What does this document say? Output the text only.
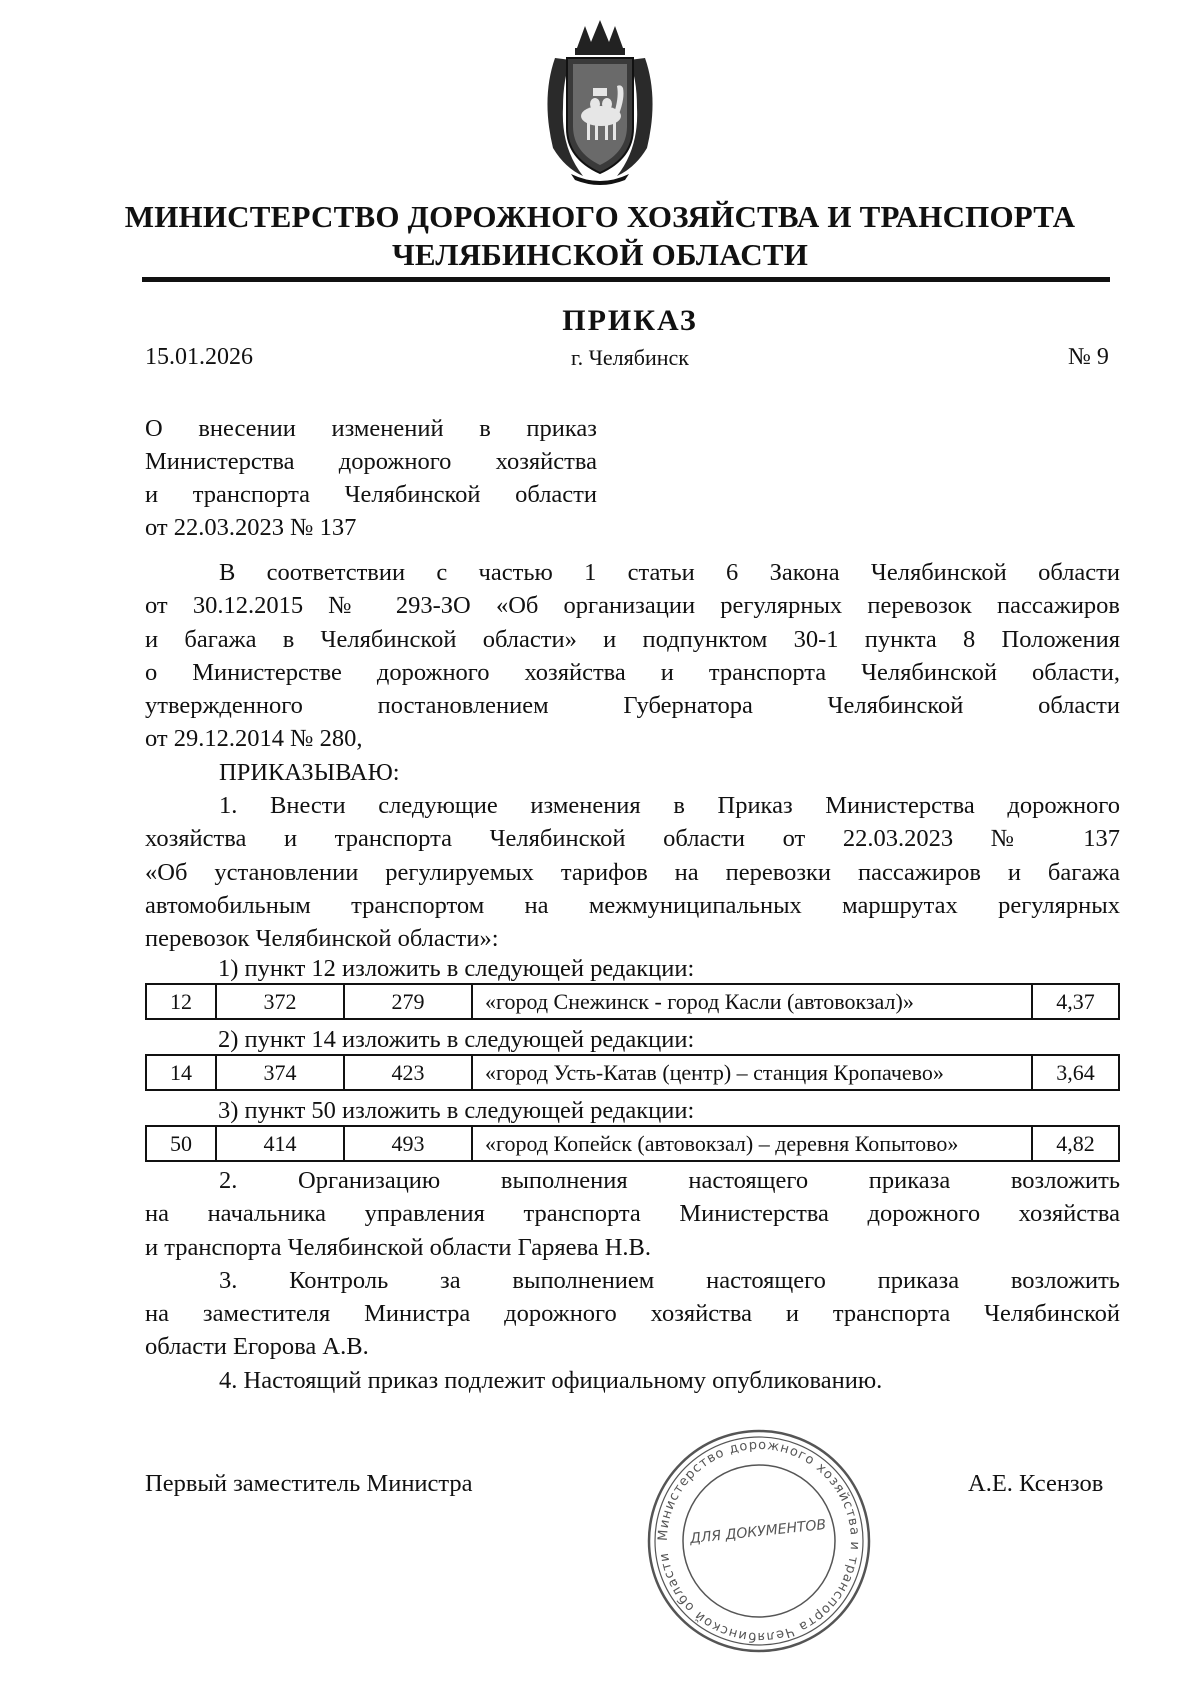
МИНИСТЕРСТВО ДОРОЖНОГО ХОЗЯЙСТВА И ТРАНСПОРТА
ЧЕЛЯБИНСКОЙ ОБЛАСТИ
ПРИКАЗ
15.01.2026	г. Челябинск	№ 9
О внесении изменений в приказ
Министерства дорожного хозяйства
и транспорта Челябинской области
от 22.03.2023 № 137
В соответствии с частью 1 статьи 6 Закона Челябинской области
от 30.12.2015 № 293-ЗО «Об организации регулярных перевозок пассажиров
и багажа в Челябинской области» и подпунктом 30-1 пункта 8 Положения
о Министерстве дорожного хозяйства и транспорта Челябинской области,
утвержденного постановлением Губернатора Челябинской области
от 29.12.2014 № 280,
ПРИКАЗЫВАЮ:
1. Внести следующие изменения в Приказ Министерства дорожного
хозяйства и транспорта Челябинской области от 22.03.2023 № 137
«Об установлении регулируемых тарифов на перевозки пассажиров и багажа
автомобильным транспортом на межмуниципальных маршрутах регулярных
перевозок Челябинской области»:
1) пункт 12 изложить в следующей редакции:
12	372	279	«город Снежинск - город Касли (автовокзал)»	4,37
2) пункт 14 изложить в следующей редакции:
14	374	423	«город Усть-Катав (центр) – станция Кропачево»	3,64
3) пункт 50 изложить в следующей редакции:
50	414	493	«город Копейск (автовокзал) – деревня Копытово»	4,82
2. Организацию выполнения настоящего приказа возложить
на начальника управления транспорта Министерства дорожного хозяйства
и транспорта Челябинской области Гаряева Н.В.
3. Контроль за выполнением настоящего приказа возложить
на заместителя Министра дорожного хозяйства и транспорта Челябинской
области Егорова А.В.
4. Настоящий приказ подлежит официальному опубликованию.
Первый заместитель Министра	А.Е. Ксензов
Министерство дорожного хозяйства и транспорта Челябинской области
ДЛЯ ДОКУМЕНТОВ
